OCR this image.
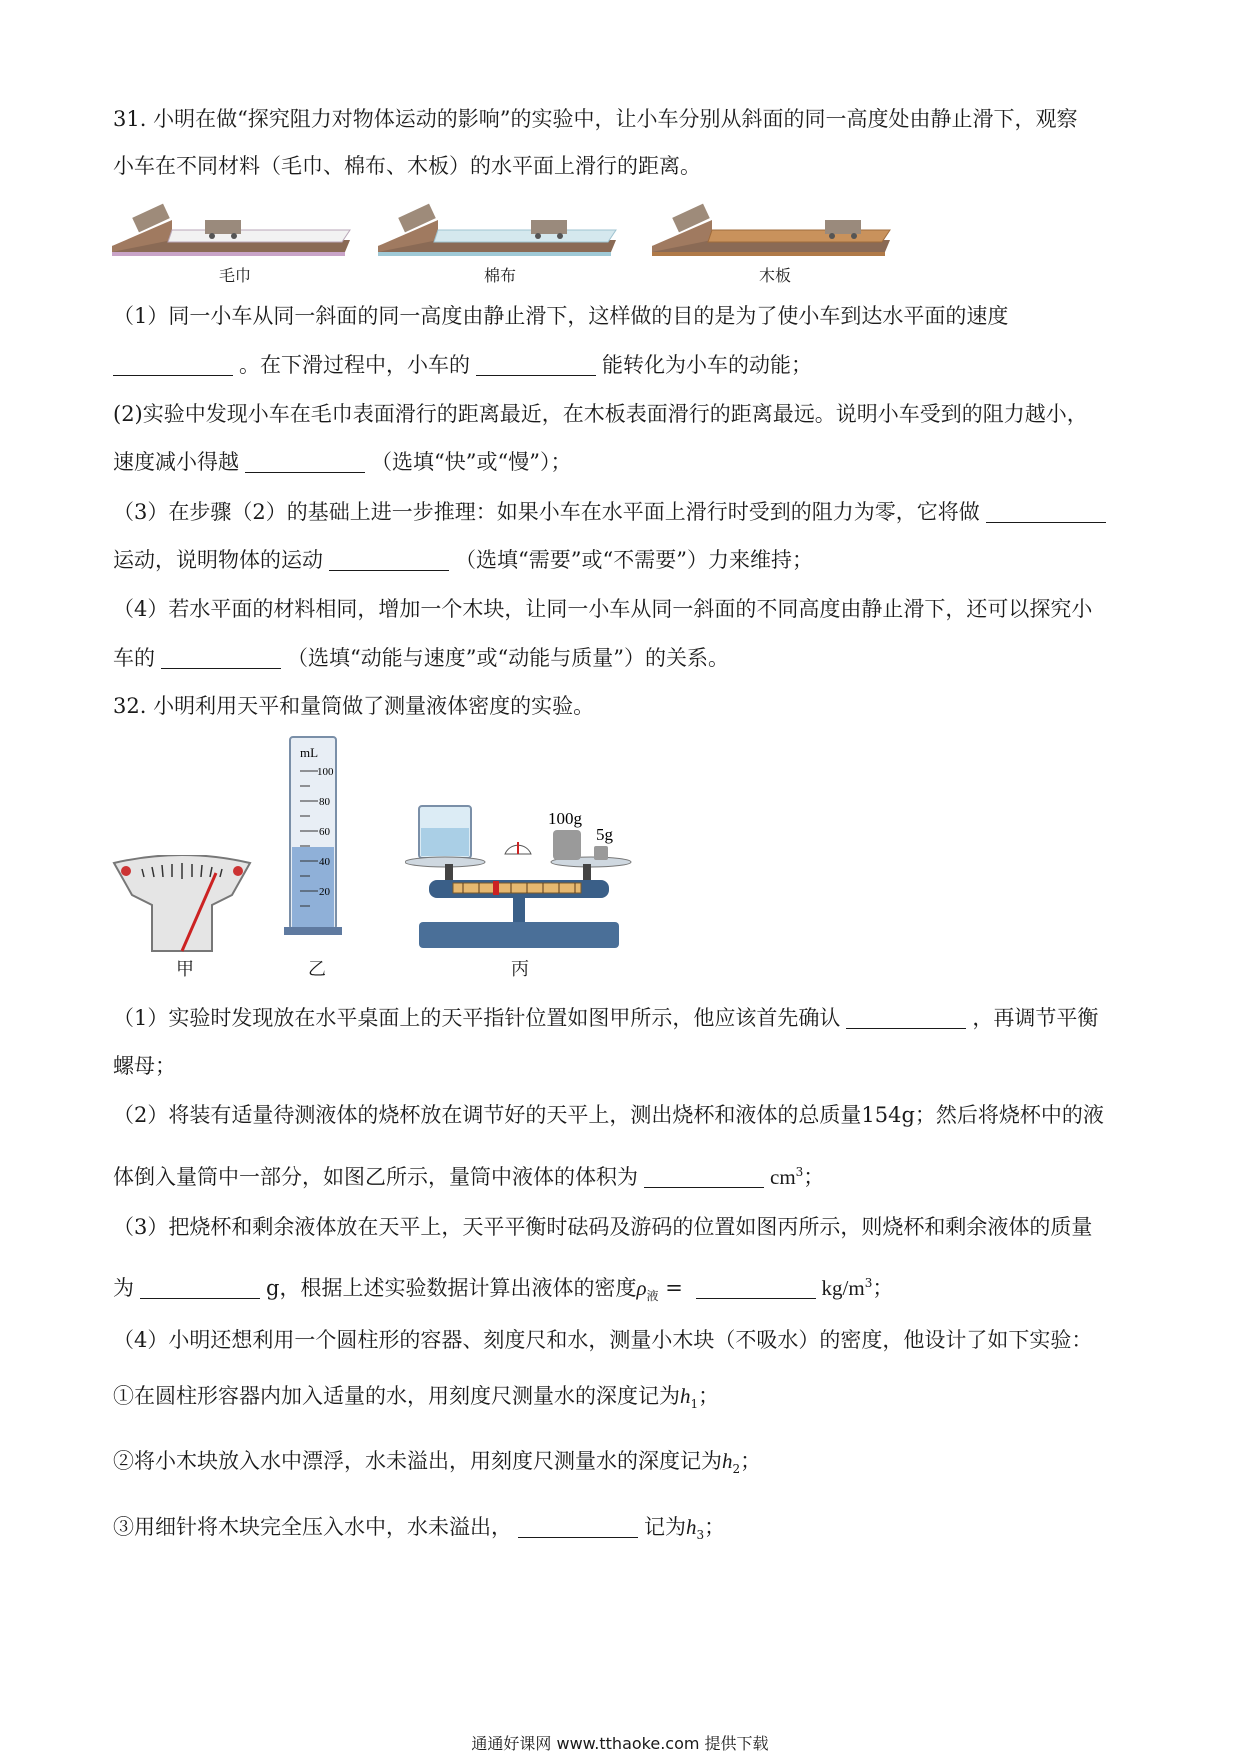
31. 小明在做“探究阻力对物体运动的影响”的实验中，让小车分别从斜面的同一高度处由静止滑下，观察
小车在不同材料（毛巾、棉布、木板）的水平面上滑行的距离。
毛巾	棉布	木板
（1）同一小车从同一斜面的同一高度由静止滑下，这样做的目的是为了使小车到达水平面的速度
。在下滑过程中，小车的	能转化为小车的动能；
(2)实验中发现小车在毛巾表面滑行的距离最近，在木板表面滑行的距离最远。说明小车受到的阻力越小，
速度减小得越	（选填“快”或“慢”）；
（3）在步骤（2）的基础上进一步推理：如果小车在水平面上滑行时受到的阻力为零，它将做
运动，说明物体的运动	（选填“需要”或“不需要”）力来维持；
（4）若水平面的材料相同，增加一个木块，让同一小车从同一斜面的不同高度由静止滑下，还可以探究小
车的	（选填“动能与速度”或“动能与质量”）的关系。
32. 小明利用天平和量筒做了测量液体密度的实验。
mL
100
80
60
40
20
100g
5g
甲	乙	丙
（1）实验时发现放在水平桌面上的天平指针位置如图甲所示，他应该首先确认	，再调节平衡
螺母；
（2）将装有适量待测液体的烧杯放在调节好的天平上，测出烧杯和液体的总质量154g；然后将烧杯中的液
体倒入量筒中一部分，如图乙所示，量筒中液体的体积为	$cm^3$；
（3）把烧杯和剩余液体放在天平上，天平平衡时砝码及游码的位置如图丙所示，则烧杯和剩余液体的质量
为	g，根据上述实验数据计算出液体的密度$\rho_液$ =	$kg/m^3$；
（4）小明还想利用一个圆柱形的容器、刻度尺和水，测量小木块（不吸水）的密度，他设计了如下实验：
①在圆柱形容器内加入适量的水，用刻度尺测量水的深度记为$h_1$；
②将小木块放入水中漂浮，水未溢出，用刻度尺测量水的深度记为$h_2$；
③用细针将木块完全压入水中，水未溢出，	记为$h_3$；
通通好课网 www.tthaoke.com 提供下载
